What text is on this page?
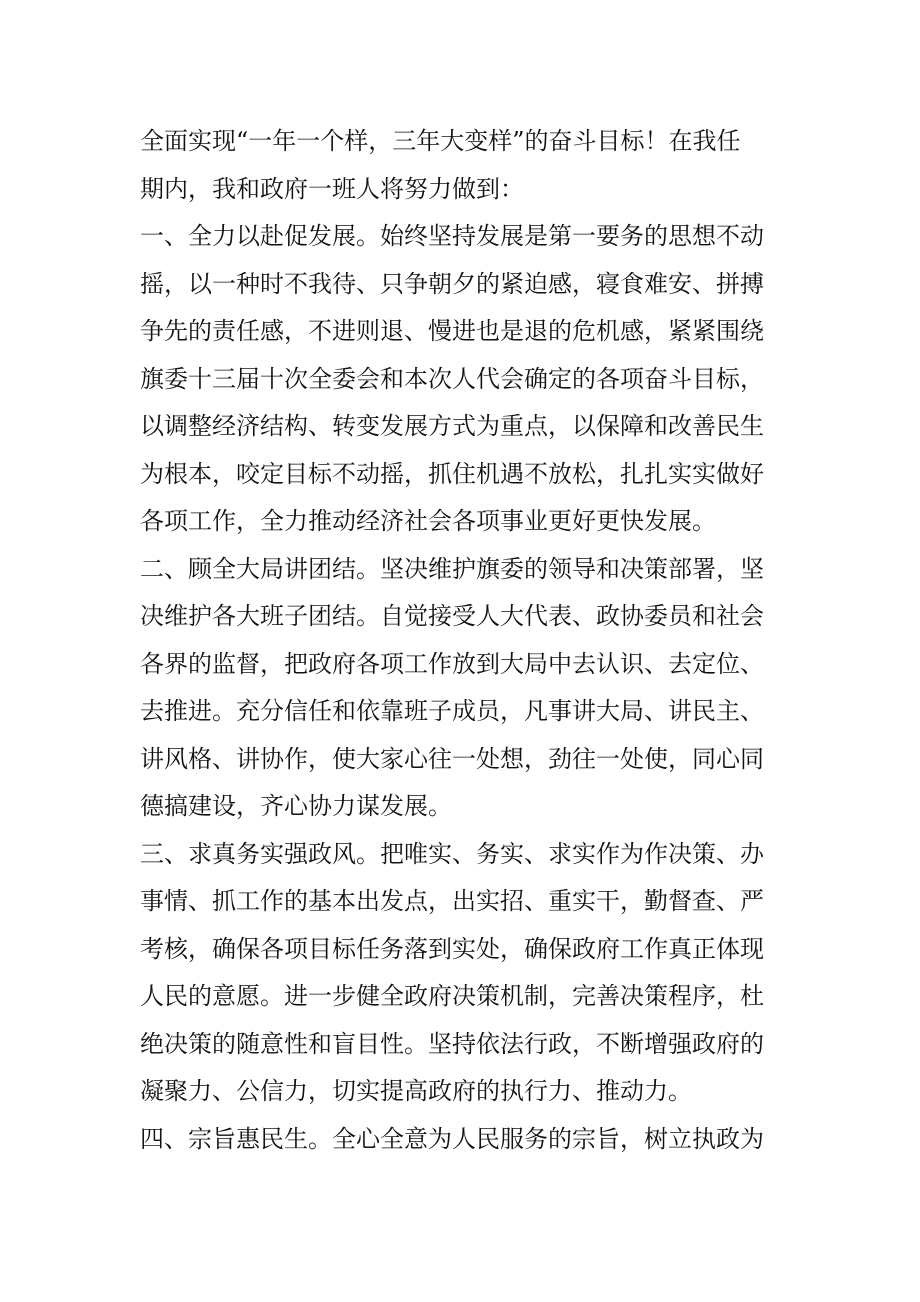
全面实现“一年一个样，三年大变样”的奋斗目标！在我任
期内，我和政府一班人将努力做到：
一、全力以赴促发展。始终坚持发展是第一要务的思想不动
摇，以一种时不我待、只争朝夕的紧迫感，寝食难安、拼搏
争先的责任感，不进则退、慢进也是退的危机感，紧紧围绕
旗委十三届十次全委会和本次人代会确定的各项奋斗目标，
以调整经济结构、转变发展方式为重点，以保障和改善民生
为根本，咬定目标不动摇，抓住机遇不放松，扎扎实实做好
各项工作，全力推动经济社会各项事业更好更快发展。
二、顾全大局讲团结。坚决维护旗委的领导和决策部署，坚
决维护各大班子团结。自觉接受人大代表、政协委员和社会
各界的监督，把政府各项工作放到大局中去认识、去定位、
去推进。充分信任和依靠班子成员，凡事讲大局、讲民主、
讲风格、讲协作，使大家心往一处想，劲往一处使，同心同
德搞建设，齐心协力谋发展。
三、求真务实强政风。把唯实、务实、求实作为作决策、办
事情、抓工作的基本出发点，出实招、重实干，勤督查、严
考核，确保各项目标任务落到实处，确保政府工作真正体现
人民的意愿。进一步健全政府决策机制，完善决策程序，杜
绝决策的随意性和盲目性。坚持依法行政，不断增强政府的
凝聚力、公信力，切实提高政府的执行力、推动力。
四、宗旨惠民生。全心全意为人民服务的宗旨，树立执政为
